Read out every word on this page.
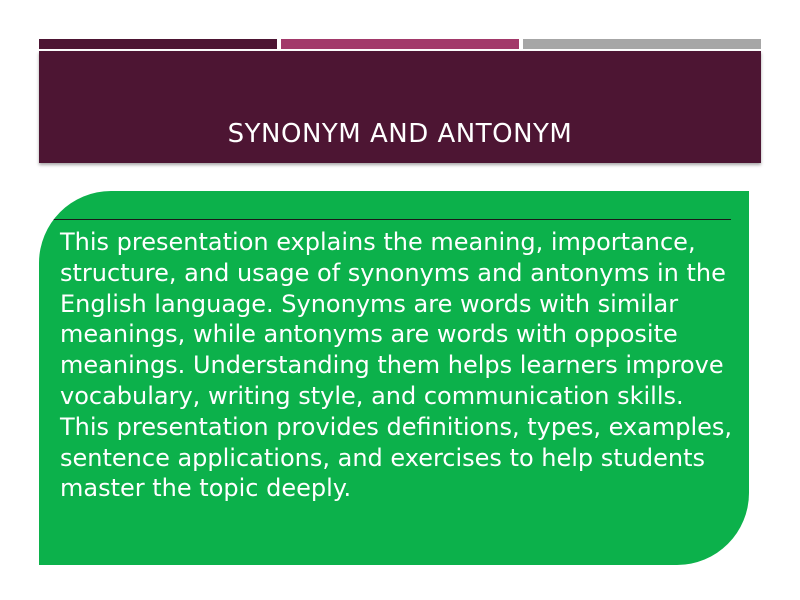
SYNONYM AND ANTONYM

This presentation explains the meaning, importance, structure, and usage of synonyms and antonyms in the English language. Synonyms are words with similar meanings, while antonyms are words with opposite meanings. Understanding them helps learners improve vocabulary, writing style, and communication skills. This presentation provides definitions, types, examples, sentence applications, and exercises to help students master the topic deeply.
